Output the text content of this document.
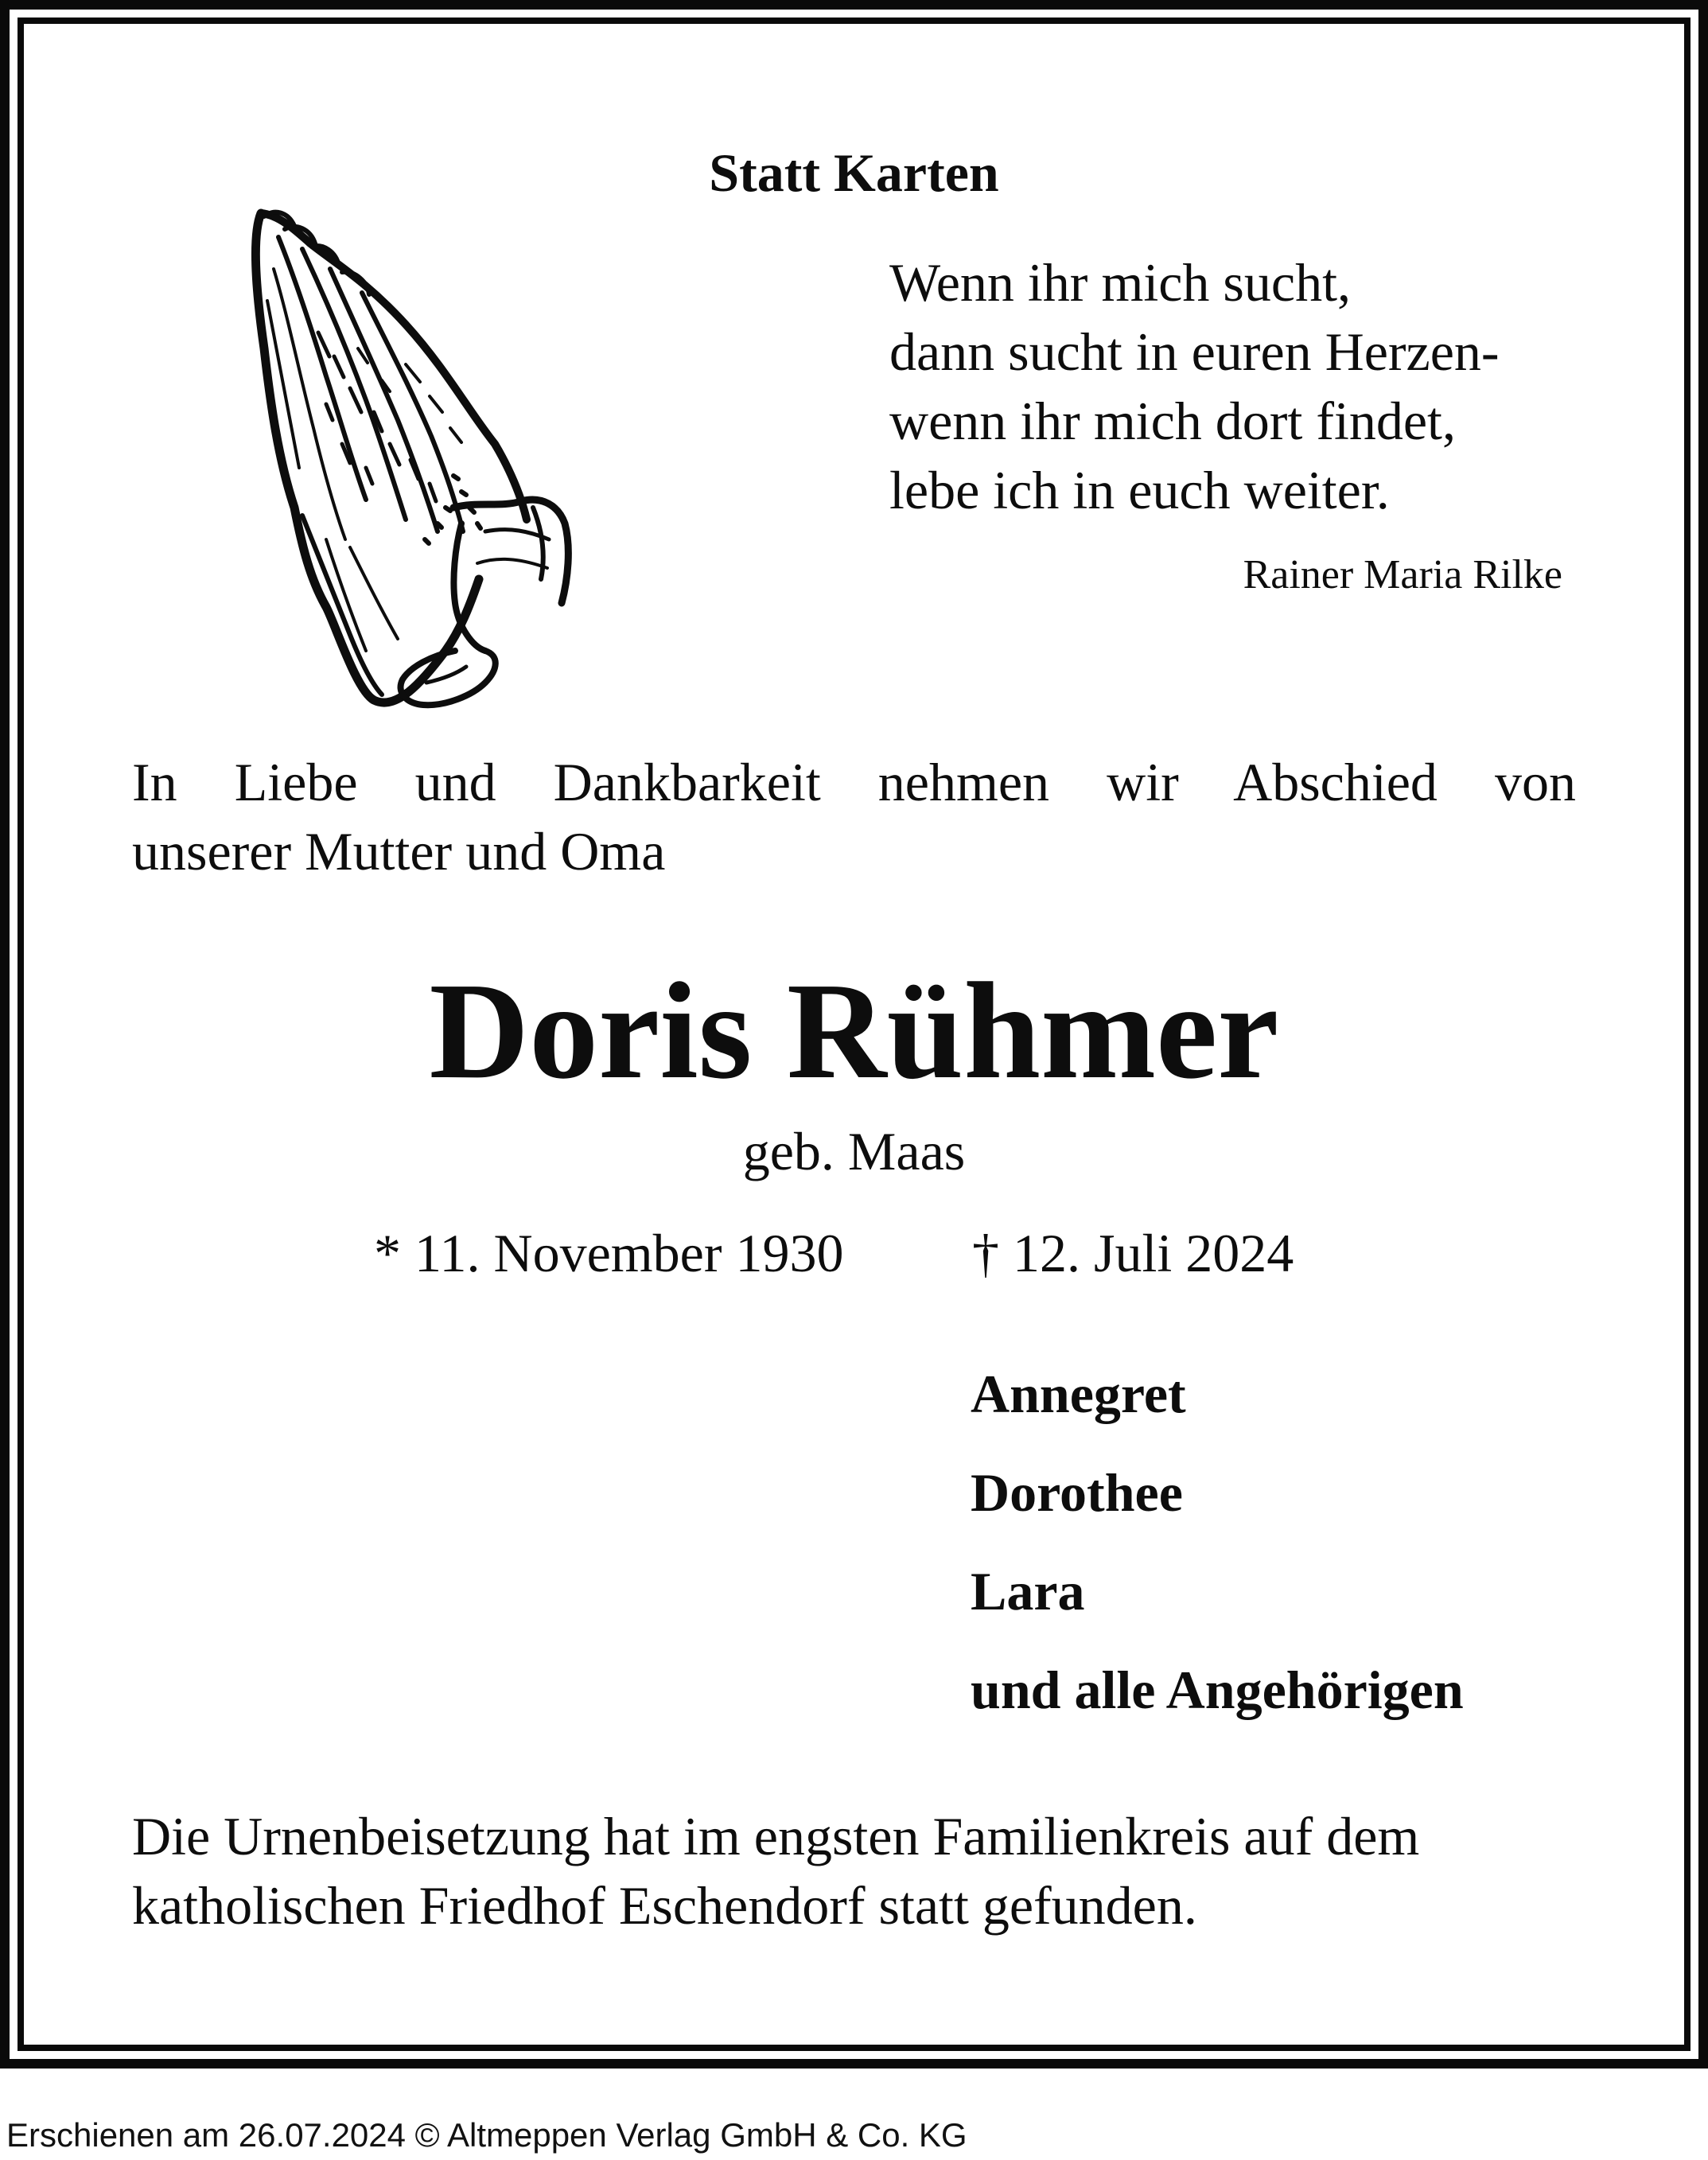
Statt Karten
Wenn ihr mich sucht,
dann sucht in euren Herzen-
wenn ihr mich dort findet,
lebe ich in euch weiter.
Rainer Maria Rilke
In Liebe und Dankbarkeit nehmen wir Abschied von
unserer Mutter und Oma
Doris Rühmer
geb. Maas
* 11. November 1930 † 12. Juli 2024
Annegret
Dorothee
Lara
und alle Angehörigen
Die Urnenbeisetzung hat im engsten Familienkreis auf dem
katholischen Friedhof Eschendorf statt gefunden.
Erschienen am 26.07.2024 © Altmeppen Verlag GmbH & Co. KG
